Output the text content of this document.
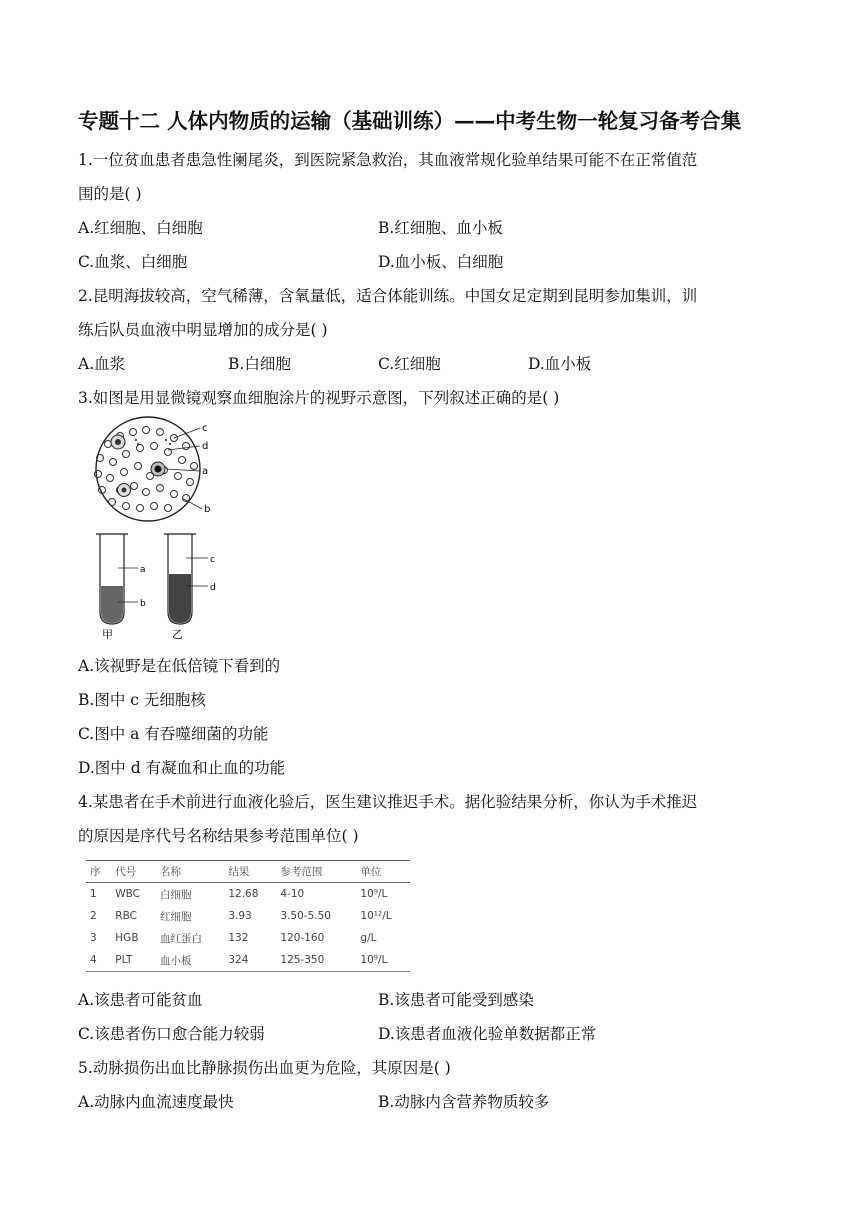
专题十二 人体内物质的运输（基础训练）——中考生物一轮复习备考合集
1.一位贫血患者患急性阑尾炎，到医院紧急救治，其血液常规化验单结果可能不在正常值范
围的是( )
A.红细胞、白细胞	B.红细胞、血小板
C.血浆、白细胞	D.血小板、白细胞
2.昆明海拔较高，空气稀薄，含氧量低，适合体能训练。中国女足定期到昆明参加集训，训
练后队员血液中明显增加的成分是( )
A.血浆	B.白细胞	C.红细胞	D.血小板
3.如图是用显微镜观察血细胞涂片的视野示意图，下列叙述正确的是( )
c
d
a
b
a
b
甲
c
d
乙
A.该视野是在低倍镜下看到的
B.图中 c 无细胞核
C.图中 a 有吞噬细菌的功能
D.图中 d 有凝血和止血的功能
4.某患者在手术前进行血液化验后，医生建议推迟手术。据化验结果分析，你认为手术推迟
的原因是序代号名称结果参考范围单位( )
序	代号	名称	结果	参考范围	单位
1	WBC	白细胞	12.68	4-10	10⁹/L
2	RBC	红细胞	3.93	3.50-5.50	10¹²/L
3	HGB	血红蛋白	132	120-160	g/L
4	PLT	血小板	324	125-350	10⁹/L
A.该患者可能贫血	B.该患者可能受到感染
C.该患者伤口愈合能力较弱	D.该患者血液化验单数据都正常
5.动脉损伤出血比静脉损伤出血更为危险，其原因是( )
A.动脉内血流速度最快	B.动脉内含营养物质较多
